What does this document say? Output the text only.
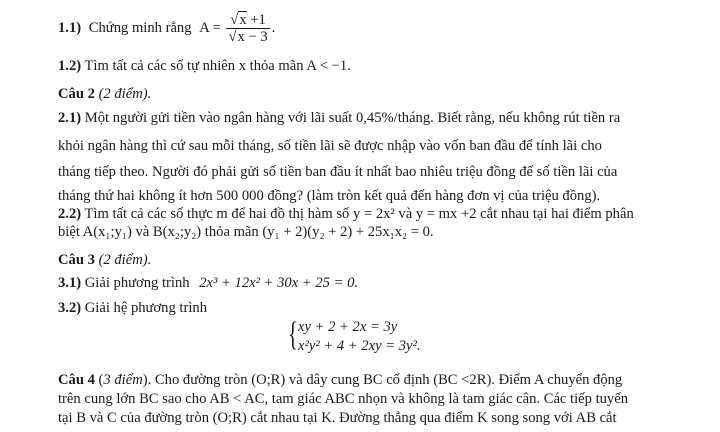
1.1) Chứng minh rằng $A = \frac{√x +1}{√x - 3}$ .
1.2) Tìm tất cả các số tự nhiên x thỏa mãn A < −1.
Câu 2 (2 điểm).
2.1) Một người gửi tiền vào ngân hàng với lãi suất 0,45%/tháng. Biết rằng, nếu không rút tiền ra
khỏi ngân hàng thì cứ sau mỗi tháng, số tiền lãi sẽ được nhập vào vốn ban đầu để tính lãi cho
tháng tiếp theo. Người đó phải gửi số tiền ban đầu ít nhất bao nhiêu triệu đồng để số tiền lãi của
tháng thứ hai không ít hơn 500 000 đồng? (làm tròn kết quả đến hàng đơn vị của triệu đồng).
2.2) Tìm tất cả các số thực m để hai đồ thị hàm số y = 2x² và y = mx +2 cắt nhau tại hai điểm phân
biệt A(x₁;y₁) và B(x₂;y₂) thỏa mãn (y₁ + 2)(y₂ + 2) + 25x₁x₂ = 0.
Câu 3 (2 điểm).
3.1) Giải phương trình 2x³ + 12x² + 30x + 25 = 0.
3.2) Giải hệ phương trình
{ xy + 2 + 2x = 3y
x²y² + 4 + 2xy = 3y².
Câu 4 (3 điểm). Cho đường tròn (O;R) và dây cung BC cố định (BC <2R). Điểm A chuyển động
trên cung lớn BC sao cho AB < AC, tam giác ABC nhọn và không là tam giác cân. Các tiếp tuyến
tại B và C của đường tròn (O;R) cắt nhau tại K. Đường thẳng qua điểm K song song với AB cắt
